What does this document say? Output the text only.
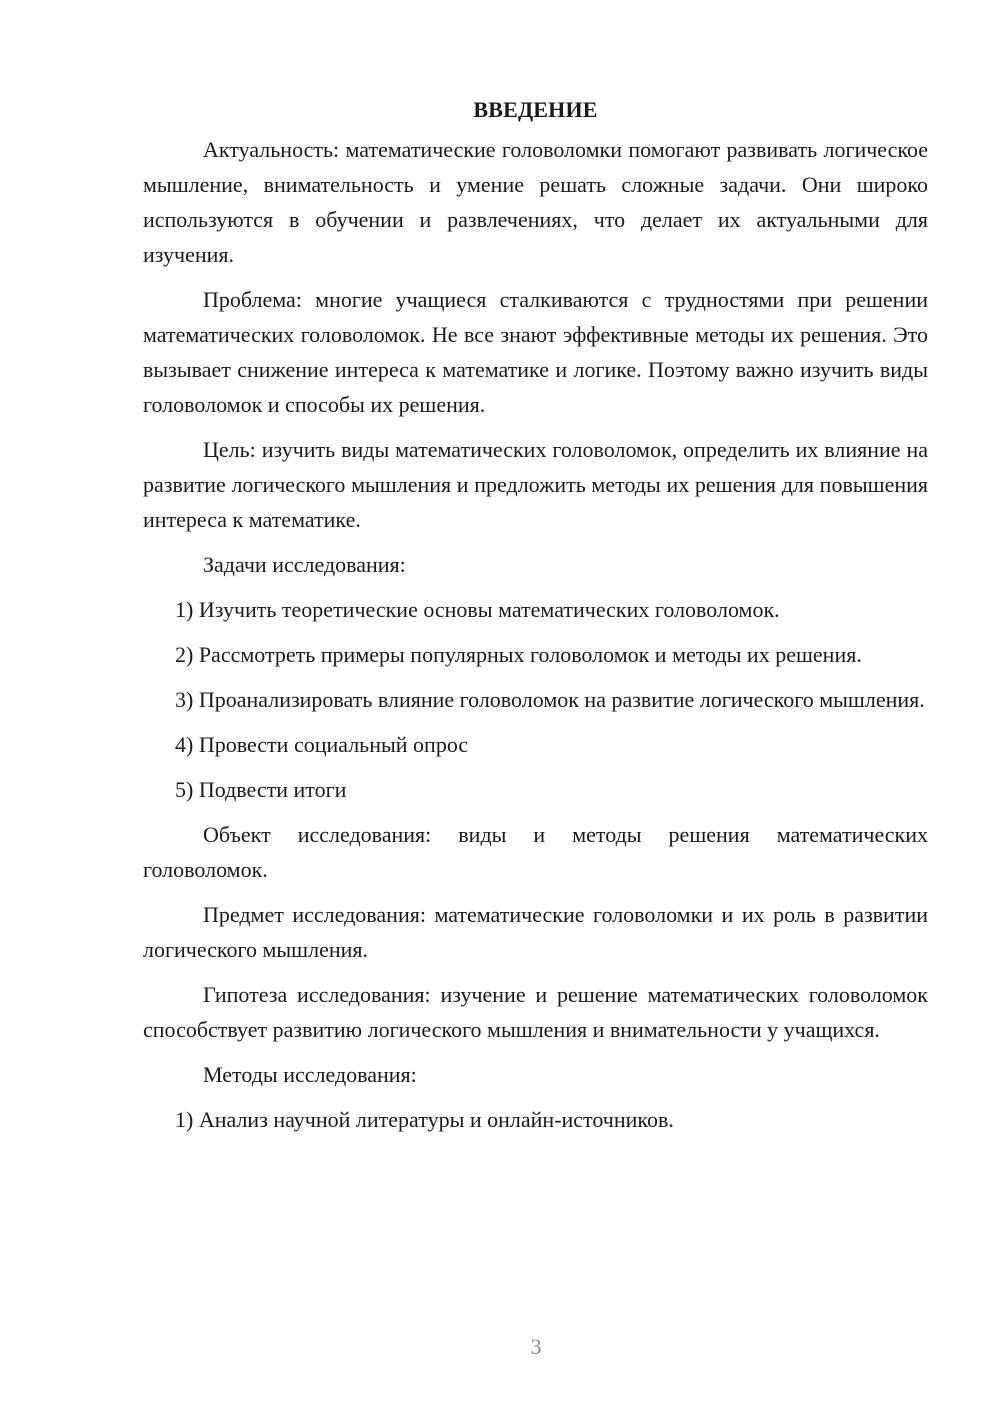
ВВЕДЕНИЕ

Актуальность: математические головоломки помогают развивать логическое мышление, внимательность и умение решать сложные задачи. Они широко используются в обучении и развлечениях, что делает их актуальными для изучения.

Проблема: многие учащиеся сталкиваются с трудностями при решении математических головоломок. Не все знают эффективные методы их решения. Это вызывает снижение интереса к математике и логике. Поэтому важно изучить виды головоломок и способы их решения.

Цель: изучить виды математических головоломок, определить их влияние на развитие логического мышления и предложить методы их решения для повышения интереса к математике.

Задачи исследования:

1) Изучить теоретические основы математических головоломок.

2) Рассмотреть примеры популярных головоломок и методы их решения.

3) Проанализировать влияние головоломок на развитие логического мышления.

4) Провести социальный опрос

5) Подвести итоги

Объект исследования: виды и методы решения математических головоломок.

Предмет исследования: математические головоломки и их роль в развитии логического мышления.

Гипотеза исследования: изучение и решение математических головоломок способствует развитию логического мышления и внимательности у учащихся.

Методы исследования:

1) Анализ научной литературы и онлайн-источников.

3
